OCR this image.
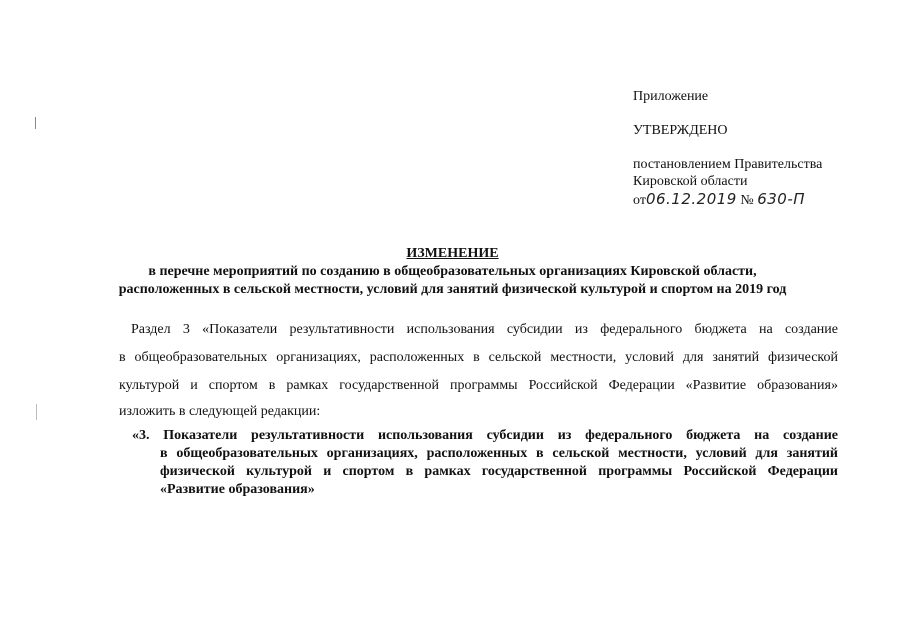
Приложение
УТВЕРЖДЕНО
постановлением Правительства
Кировской области
от06.12.2019 № 630-П
ИЗМЕНЕНИЕ
в перечне мероприятий по созданию в общеобразовательных организациях Кировской области,
расположенных в сельской местности, условий для занятий физической культурой и спортом на 2019 год
Раздел 3 «Показатели результативности использования субсидии из федерального бюджета на создание
в общеобразовательных организациях, расположенных в сельской местности, условий для занятий физической
культурой и спортом в рамках государственной программы Российской Федерации «Развитие образования»
изложить в следующей редакции:
«3. Показатели результативности использования субсидии из федерального бюджета на создание
в общеобразовательных организациях, расположенных в сельской местности, условий для занятий
физической культурой и спортом в рамках государственной программы Российской Федерации
«Развитие образования»
